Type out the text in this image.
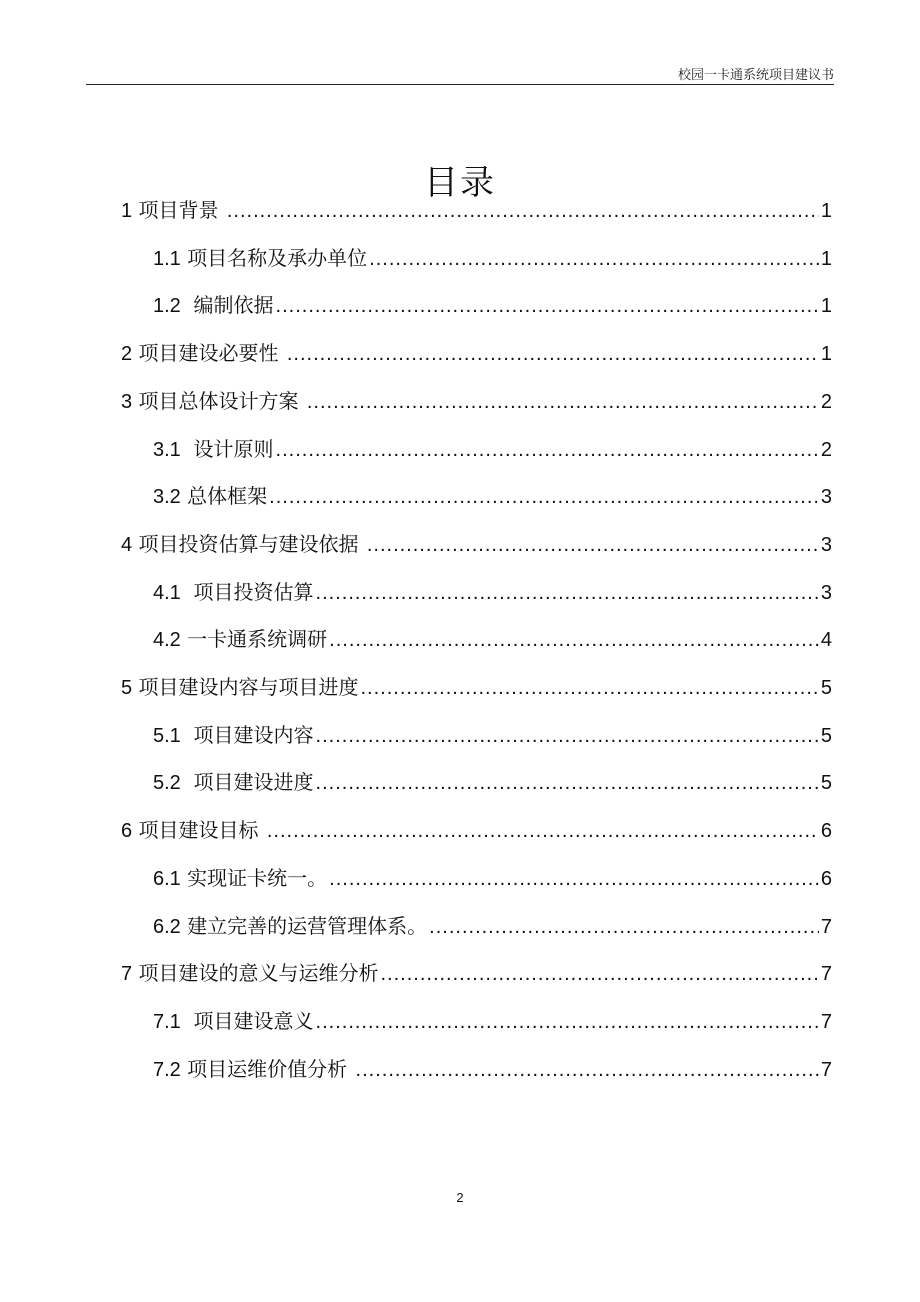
校园一卡通系统项目建议书
目录
1 项目背景 .....	1
1.1 项目名称及承办单位 .....	1
1.2 编制依据 .....	1
2 项目建设必要性 .....	1
3 项目总体设计方案 .....	2
3.1 设计原则 .....	2
3.2 总体框架 .....	3
4 项目投资估算与建设依据 .....	3
4.1 项目投资估算 .....	3
4.2 一卡通系统调研 .....	4
5 项目建设内容与项目进度 .....	5
5.1 项目建设内容 .....	5
5.2 项目建设进度 .....	5
6 项目建设目标 .....	6
6.1 实现证卡统一。 .....	6
6.2 建立完善的运营管理体系。 .....	7
7 项目建设的意义与运维分析 .....	7
7.1 项目建设意义 .....	7
7.2 项目运维价值分析 .....	7
2
